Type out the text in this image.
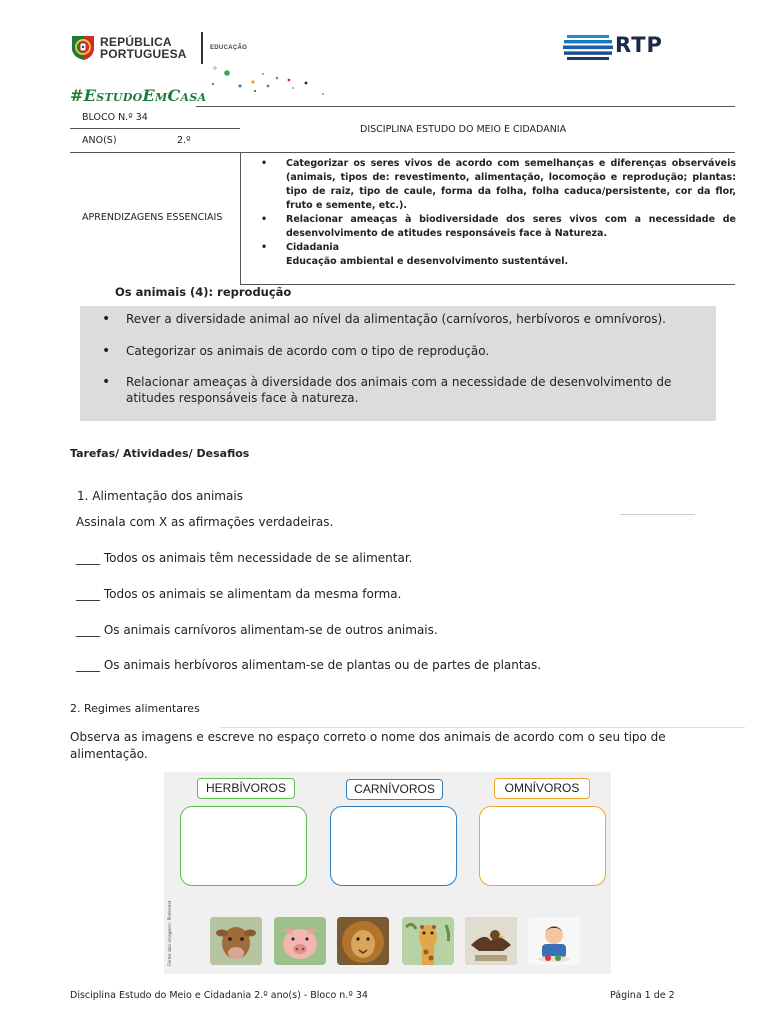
REPÚBLICA
PORTUGUESA	EDUCAÇÃO	RTP
#EstudoEmCasa
BLOCO N.º 34
ANO(S)	2.º
DISCIPLINA ESTUDO DO MEIO E CIDADANIA
APRENDIZAGENS ESSENCIAIS
• Categorizar os seres vivos de acordo com semelhanças e diferenças observáveis (animais, tipos de: revestimento, alimentação, locomoção e reprodução; plantas: tipo de raiz, tipo de caule, forma da folha, folha caduca/persistente, cor da flor, fruto e semente, etc.).
• Relacionar ameaças à biodiversidade dos seres vivos com a necessidade de desenvolvimento de atitudes responsáveis face à Natureza.
• Cidadania
Educação ambiental e desenvolvimento sustentável.
Os animais (4): reprodução
• Rever a diversidade animal ao nível da alimentação (carnívoros, herbívoros e omnívoros).
• Categorizar os animais de acordo com o tipo de reprodução.
• Relacionar ameaças à diversidade dos animais com a necessidade de desenvolvimento de atitudes responsáveis face à natureza.
Tarefas/ Atividades/ Desafios
1. Alimentação dos animais
Assinala com X as afirmações verdadeiras.
____ Todos os animais têm necessidade de se alimentar.
____ Todos os animais se alimentam da mesma forma.
____ Os animais carnívoros alimentam-se de outros animais.
____ Os animais herbívoros alimentam-se de plantas ou de partes de plantas.
2. Regimes alimentares
Observa as imagens e escreve no espaço correto o nome dos animais de acordo com o seu tipo de alimentação.
HERBÍVOROS	CARNÍVOROS	OMNÍVOROS
Fonte das imagens: Pinterest
Disciplina Estudo do Meio e Cidadania 2.º ano(s) - Bloco n.º 34	Página 1 de 2
